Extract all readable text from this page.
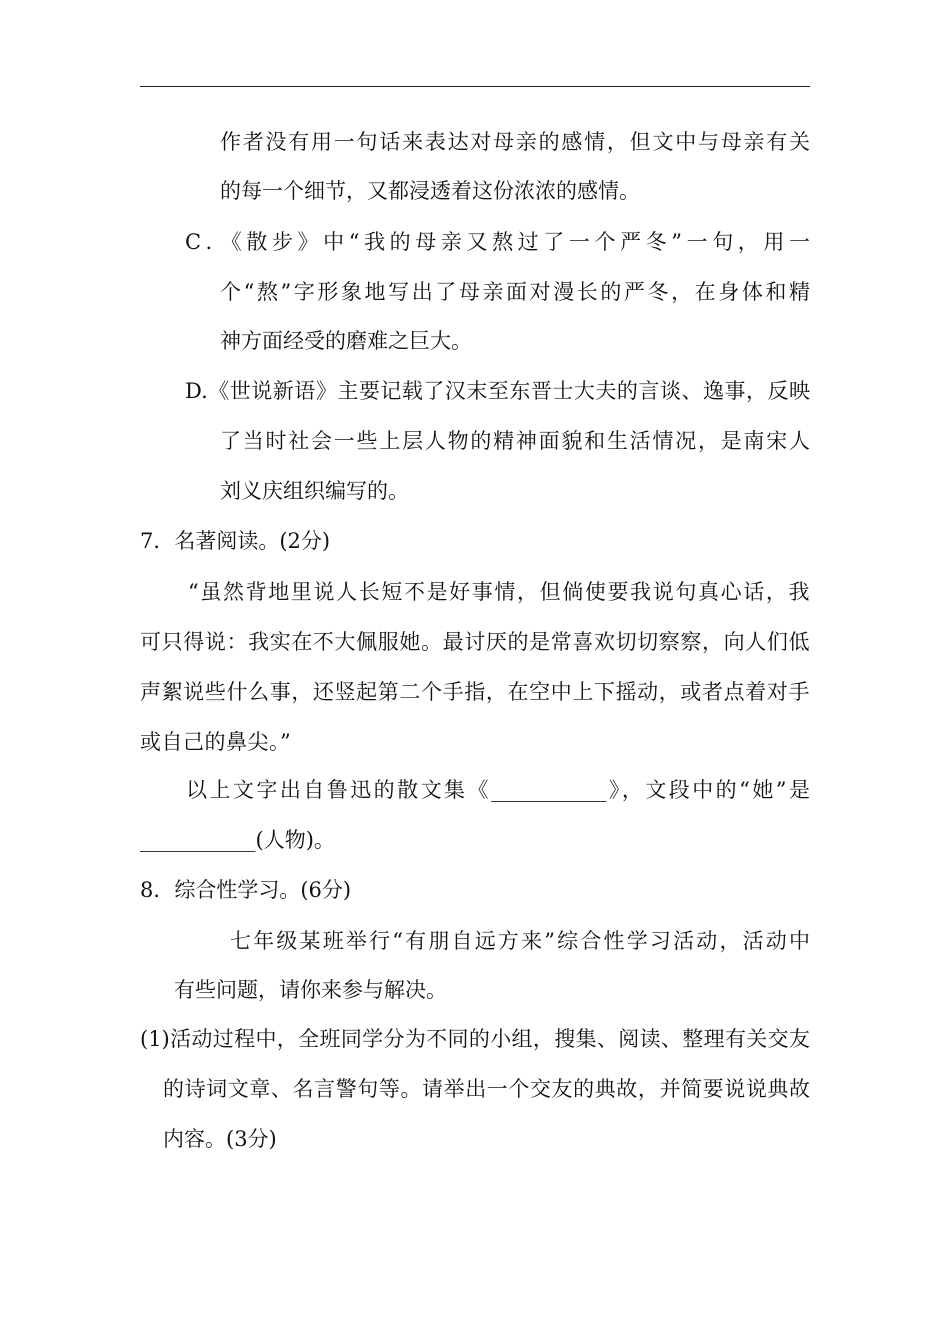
作者没有用一句话来表达对母亲的感情，但文中与母亲有关
的每一个细节，又都浸透着这份浓浓的感情。
C．《散步》中“我的母亲又熬过了一个严冬”一句，用一
个“熬”字形象地写出了母亲面对漫长的严冬，在身体和精
神方面经受的磨难之巨大。
D.《世说新语》主要记载了汉末至东晋士大夫的言谈、逸事，反映
了当时社会一些上层人物的精神面貌和生活情况，是南宋人
刘义庆组织编写的。
7．名著阅读。(2分)
“虽然背地里说人长短不是好事情，但倘使要我说句真心话，我
可只得说：我实在不大佩服她。最讨厌的是常喜欢切切察察，向人们低
声絮说些什么事，还竖起第二个手指，在空中上下摇动，或者点着对手
或自己的鼻尖。”
以上文字出自鲁迅的散文集《___________》，文段中的“她”是
___________(人物)。
8．综合性学习。(6分)
七年级某班举行“有朋自远方来”综合性学习活动，活动中
有些问题，请你来参与解决。
(1)活动过程中，全班同学分为不同的小组，搜集、阅读、整理有关交友
的诗词文章、名言警句等。请举出一个交友的典故，并简要说说典故
内容。(3分)
